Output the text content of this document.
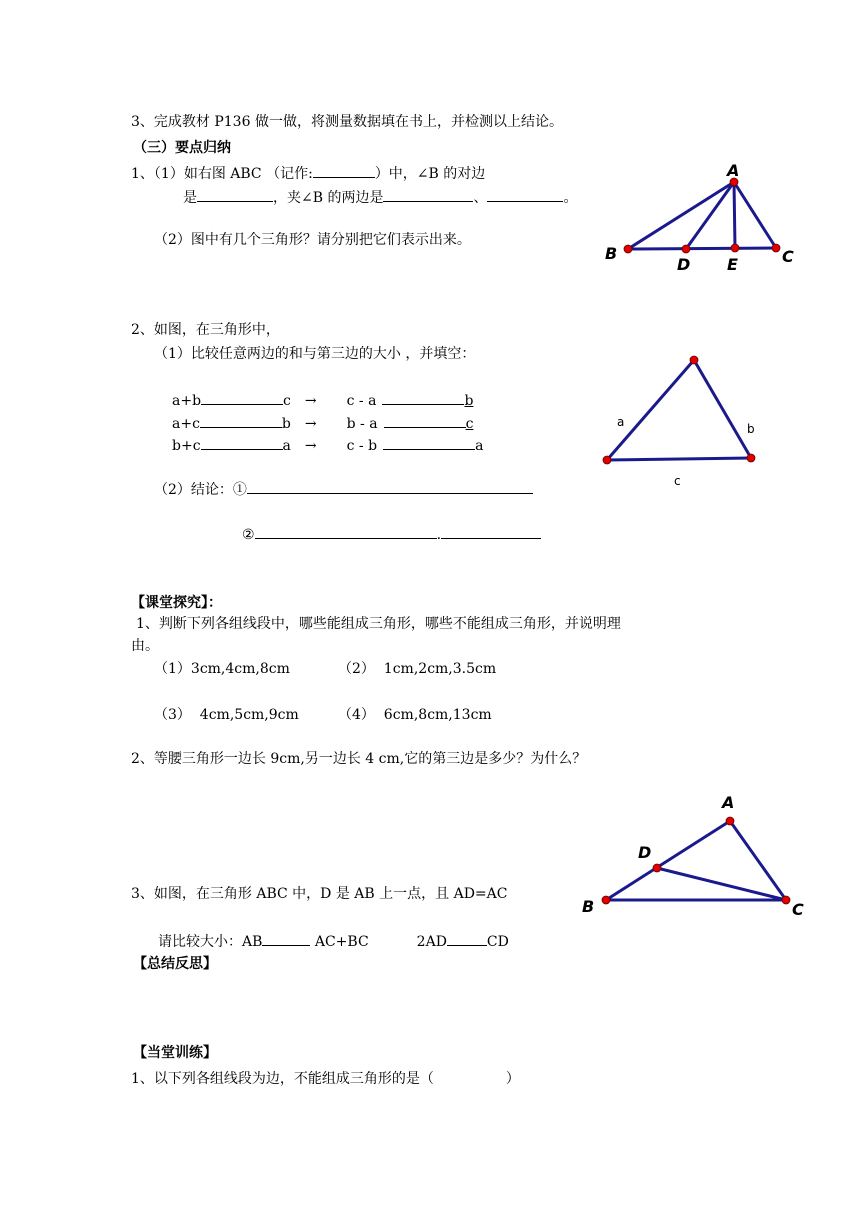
3、完成教材 P136 做一做，将测量数据填在书上，并检测以上结论。
（三）要点归纳
1、（1）如右图 ABC （记作:	）中，∠B 的对边
是	，夹∠B 的两边是	、	。
（2）图中有几个三角形？请分别把它们表示出来。
A
B	C
D E
a	b
c
A
B	C
D
2、如图，在三角形中，
（1）比较任意两边的和与第三边的大小 ，并填空：
a+b	c → c - a	b
a+c	b → b - a	c
b+c	a → c - b	a
（2）结论：①
②	.
【课堂探究】：
1、判断下列各组线段中，哪些能组成三角形，哪些不能组成三角形，并说明理
由。
（1）3cm,4cm,8cm	（2）  1cm,2cm,3.5cm
（3）  4cm,5cm,9cm	（4）  6cm,8cm,13cm
2、等腰三角形一边长 9cm,另一边长 4 cm,它的第三边是多少？为什么？
3、如图，在三角形 ABC 中，D 是 AB 上一点，且 AD=AC
请比较大小：AB	AC+BC	2AD	CD
【总结反思】
【当堂训练】
1、以下列各组线段为边，不能组成三角形的是（	）
